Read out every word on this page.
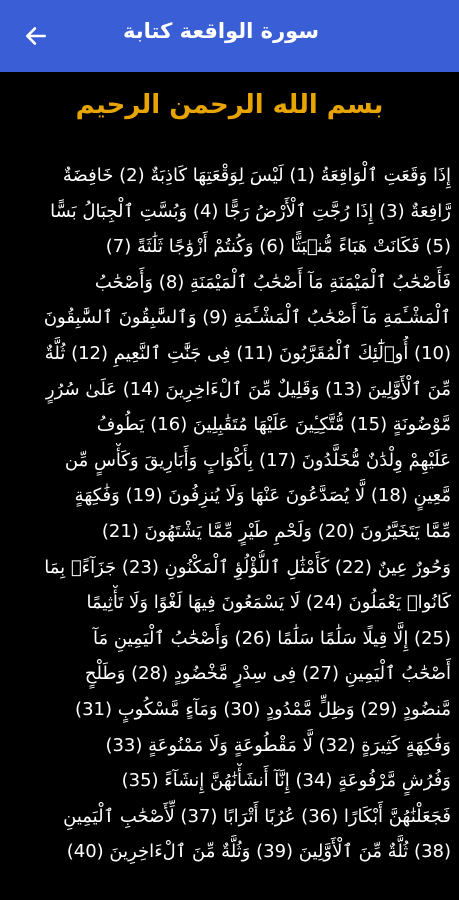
سورة الواقعة كتابة
بسم الله الرحمن الرحيم
إِذَا وَقَعَتِ ٱلْوَاقِعَةُ (1) لَيْسَ لِوَقْعَتِهَا كَاذِبَةٌ (2) خَافِضَةٌ
رَّافِعَةٌ (3) إِذَا رُجَّتِ ٱلْأَرْضُ رَجًّا (4) وَبُسَّتِ ٱلْجِبَالُ بَسًّا
(5) فَكَانَتْ هَبَاءً مُّنۢبَثًّا (6) وَكُنتُمْ أَزْوَٰجًا ثَلَٰثَةً (7)
فَأَصْحَٰبُ ٱلْمَيْمَنَةِ مَآ أَصْحَٰبُ ٱلْمَيْمَنَةِ (8) وَأَصْحَٰبُ
ٱلْمَشْـَٔمَةِ مَآ أَصْحَٰبُ ٱلْمَشْـَٔمَةِ (9) وَٱلسَّٰبِقُونَ ٱلسَّٰبِقُونَ
(10) أُو۟لَٰٓئِكَ ٱلْمُقَرَّبُونَ (11) فِى جَنَّٰتِ ٱلنَّعِيمِ (12) ثُلَّةٌ
مِّنَ ٱلْأَوَّلِينَ (13) وَقَلِيلٌ مِّنَ ٱلْءَاخِرِينَ (14) عَلَىٰ سُرُرٍ
مَّوْضُونَةٍ (15) مُّتَّكِـِٔينَ عَلَيْهَا مُتَقَٰبِلِينَ (16) يَطُوفُ
عَلَيْهِمْ وِلْدَٰنٌ مُّخَلَّدُونَ (17) بِأَكْوَابٍ وَأَبَارِيقَ وَكَأْسٍ مِّن
مَّعِينٍ (18) لَّا يُصَدَّعُونَ عَنْهَا وَلَا يُنزِفُونَ (19) وَفَٰكِهَةٍ
مِّمَّا يَتَخَيَّرُونَ (20) وَلَحْمِ طَيْرٍ مِّمَّا يَشْتَهُونَ (21)
وَحُورٌ عِينٌ (22) كَأَمْثَٰلِ ٱللُّؤْلُؤِ ٱلْمَكْنُونِ (23) جَزَآءًۢ بِمَا
كَانُوا۟ يَعْمَلُونَ (24) لَا يَسْمَعُونَ فِيهَا لَغْوًا وَلَا تَأْثِيمًا
(25) إِلَّا قِيلًا سَلَٰمًا سَلَٰمًا (26) وَأَصْحَٰبُ ٱلْيَمِينِ مَآ
أَصْحَٰبُ ٱلْيَمِينِ (27) فِى سِدْرٍ مَّخْضُودٍ (28) وَطَلْحٍ
مَّنضُودٍ (29) وَظِلٍّ مَّمْدُودٍ (30) وَمَآءٍ مَّسْكُوبٍ (31)
وَفَٰكِهَةٍ كَثِيرَةٍ (32) لَّا مَقْطُوعَةٍ وَلَا مَمْنُوعَةٍ (33)
وَفُرُشٍ مَّرْفُوعَةٍ (34) إِنَّآ أَنشَأْنَٰهُنَّ إِنشَآءً (35)
فَجَعَلْنَٰهُنَّ أَبْكَارًا (36) عُرُبًا أَتْرَابًا (37) لِّأَصْحَٰبِ ٱلْيَمِينِ
(38) ثُلَّةٌ مِّنَ ٱلْأَوَّلِينَ (39) وَثُلَّةٌ مِّنَ ٱلْءَاخِرِينَ (40)
